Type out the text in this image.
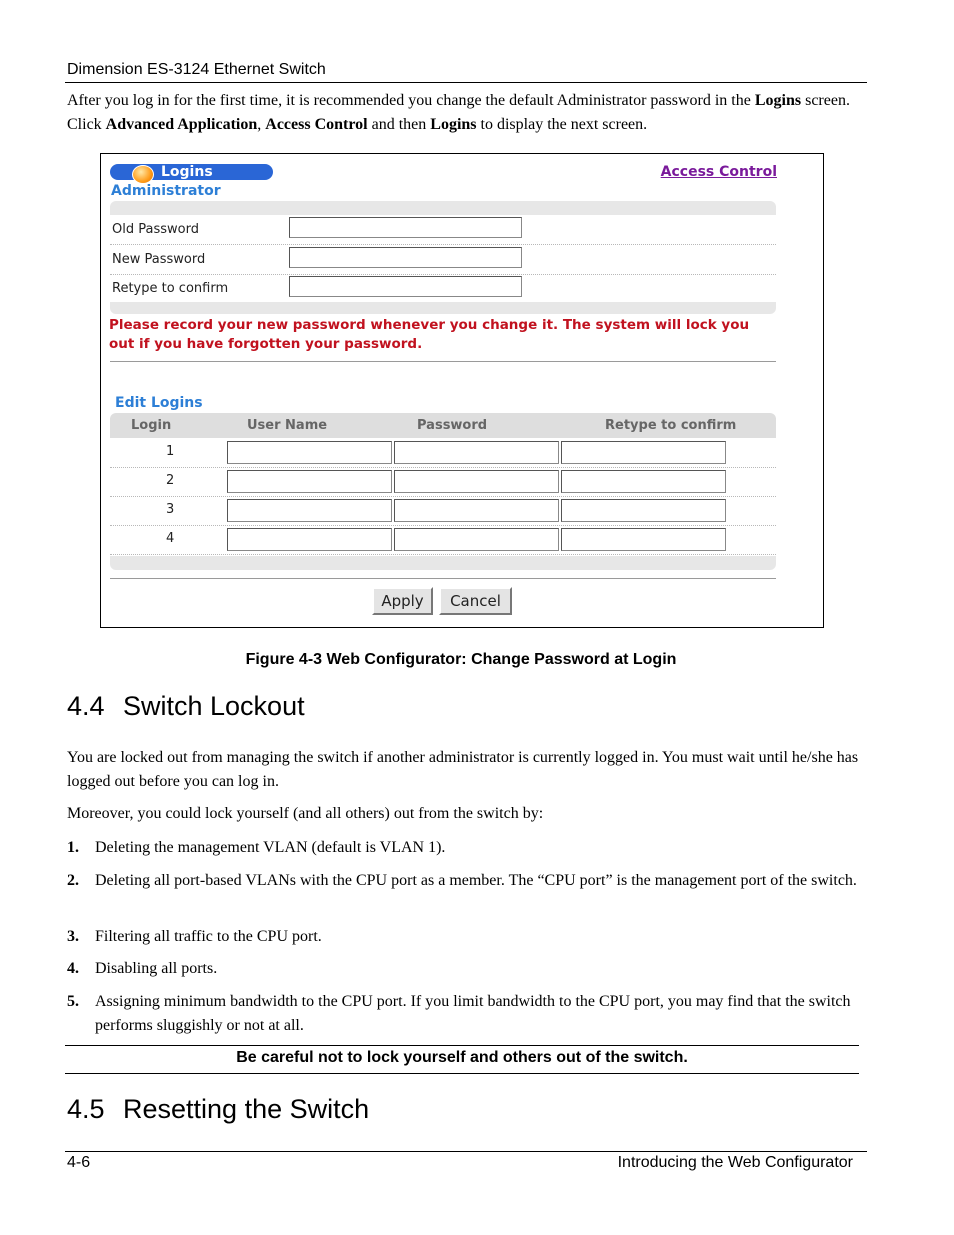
Dimension ES-3124 Ethernet Switch
After you log in for the first time, it is recommended you change the default Administrator password in the Logins screen. Click Advanced Application, Access Control and then Logins to display the next screen.
Logins	Access Control
Administrator
Old Password
New Password
Retype to confirm
Please record your new password whenever you change it. The system will lock you out if you have forgotten your password.
Edit Logins
Login	User Name	Password	Retype to confirm
1
2
3
4
Apply	Cancel
Figure 4-3 Web Configurator: Change Password at Login
4.4 Switch Lockout
You are locked out from managing the switch if another administrator is currently logged in. You must wait until he/she has logged out before you can log in.
Moreover, you could lock yourself (and all others) out from the switch by:
1. Deleting the management VLAN (default is VLAN 1).
2. Deleting all port-based VLANs with the CPU port as a member. The “CPU port” is the management port of the switch.
3. Filtering all traffic to the CPU port.
4. Disabling all ports.
5. Assigning minimum bandwidth to the CPU port. If you limit bandwidth to the CPU port, you may find that the switch performs sluggishly or not at all.
Be careful not to lock yourself and others out of the switch.
4.5 Resetting the Switch
4-6	Introducing the Web Configurator
